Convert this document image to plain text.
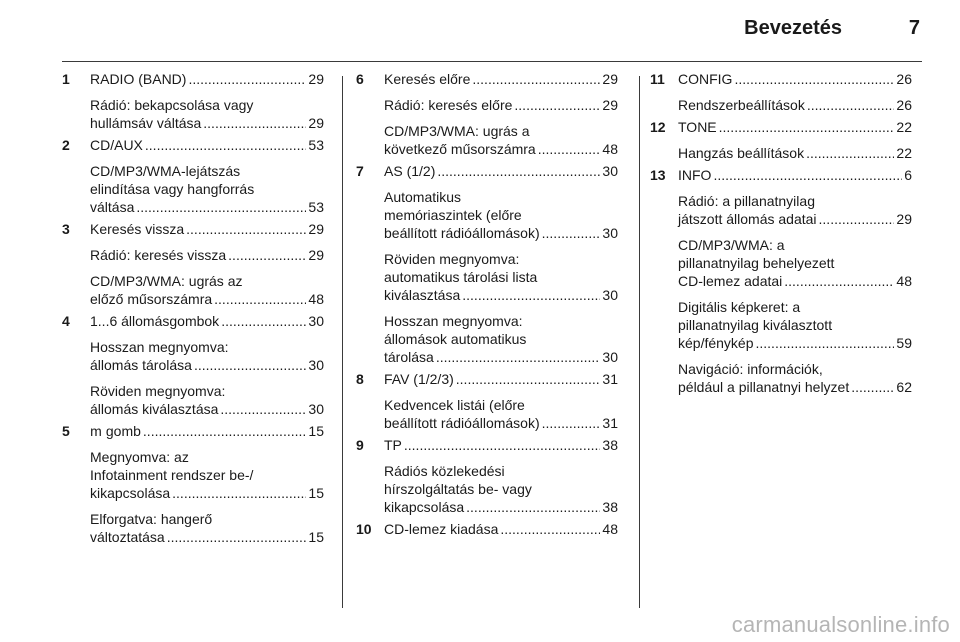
Bevezetés	7
1	RADIO (BAND) .....	29
Rádió: bekapcsolása vagy
hullámsáv váltása .....	29
2	CD/AUX .....	53
CD/MP3/WMA-lejátszás
elindítása vagy hangforrás
váltása .....	53
3	Keresés vissza .....	29
Rádió: keresés vissza .....	29
CD/MP3/WMA: ugrás az
előző műsorszámra .....	48
4	1...6 állomásgombok .....	30
Hosszan megnyomva:
állomás tárolása .....	30
Röviden megnyomva:
állomás kiválasztása .....	30
5	m gomb .....	15
Megnyomva: az
Infotainment rendszer be-/
kikapcsolása .....	15
Elforgatva: hangerő
változtatása .....	15
6	Keresés előre .....	29
Rádió: keresés előre .....	29
CD/MP3/WMA: ugrás a
következő műsorszámra .....	48
7	AS (1/2) .....	30
Automatikus
memóriaszintek (előre
beállított rádióállomások) .....	30
Röviden megnyomva:
automatikus tárolási lista
kiválasztása .....	30
Hosszan megnyomva:
állomások automatikus
tárolása .....	30
8	FAV (1/2/3) .....	31
Kedvencek listái (előre
beállított rádióállomások) .....	31
9	TP .....	38
Rádiós közlekedési
hírszolgáltatás be- vagy
kikapcsolása .....	38
10 CD-lemez kiadása .....	48
11 CONFIG .....	26
Rendszerbeállítások .....	26
12 TONE .....	22
Hangzás beállítások .....	22
13 INFO .....	6
Rádió: a pillanatnyilag
játszott állomás adatai .....	29
CD/MP3/WMA: a
pillanatnyilag behelyezett
CD-lemez adatai .....	48
Digitális képkeret: a
pillanatnyilag kiválasztott
kép/fénykép .....	59
Navigáció: információk,
például a pillanatnyi helyzet .....	62
carmanualsonline.info
